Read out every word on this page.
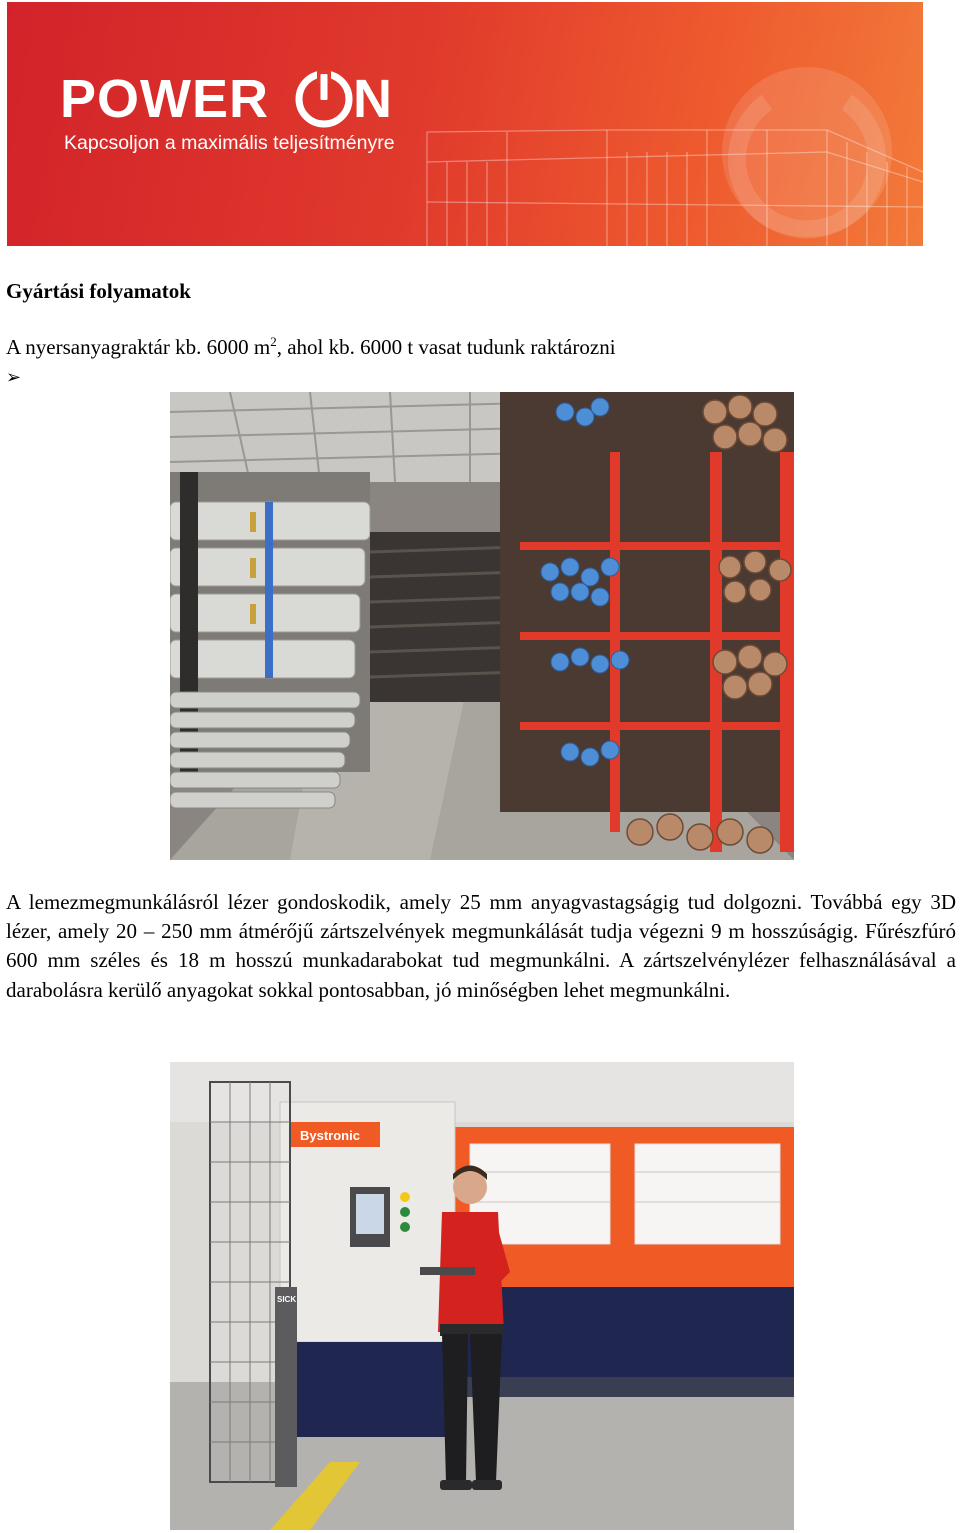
POWER N
Kapcsoljon a maximális teljesítményre
Gyártási folyamatok
A nyersanyagraktár kb. 6000 $m^2$, ahol kb. 6000 t vasat tudunk raktározni
➢

A lemezmegmunkálásról lézer gondoskodik, amely 25 mm anyagvastagságig tud dolgozni. Továbbá egy 3D lézer, amely 20 – 250 mm átmérőjű zártszelvények megmunkálását tudja végezni 9 m hosszúságig. Fűrészfúró 600 mm széles és 18 m hosszú munkadarabokat tud megmunkálni. A zártszelvénylézer felhasználásával a darabolásra kerülő anyagokat sokkal pontosabban, jó minőségben lehet megmunkálni.

Bystronic
SICK
